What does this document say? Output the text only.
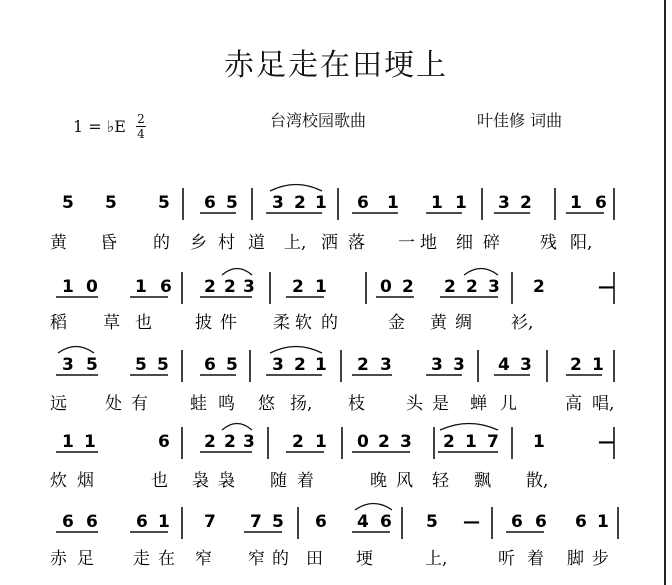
赤足走在田埂上
1 = ♭E $\frac{2}{4}$	台湾校园歌曲	叶佳修 词曲
5 5 5 6 5 3 2 1 6 1 1 1 3 2 1 6
黄 昏 的 乡 村 道 上, 洒 落 一 地 细 碎 残 阳,
1 0 1 6 2 2 3 2 1	0 2 2 2 3 2	—
稻 草 也	披 件 柔 软 的	金 黄 绸 衫,
3 5 5 5 6 5 3 2 1 2 3 3 3 4 3 2 1
远 处 有 蛙 鸣 悠 扬, 枝 头 是 蝉 儿	高 唱,
1 1	6 2 2 3 2 1 0 2 3 2 1 7 1	—
炊 烟	也 袅 袅 随 着	晚 风 轻 飘 散,
6 6 6 1 7 7 5 6 4 6 5 — 6 6 6 1
赤 足 走 在 窄 窄 的 田 埂	上,	听 着 脚 步
